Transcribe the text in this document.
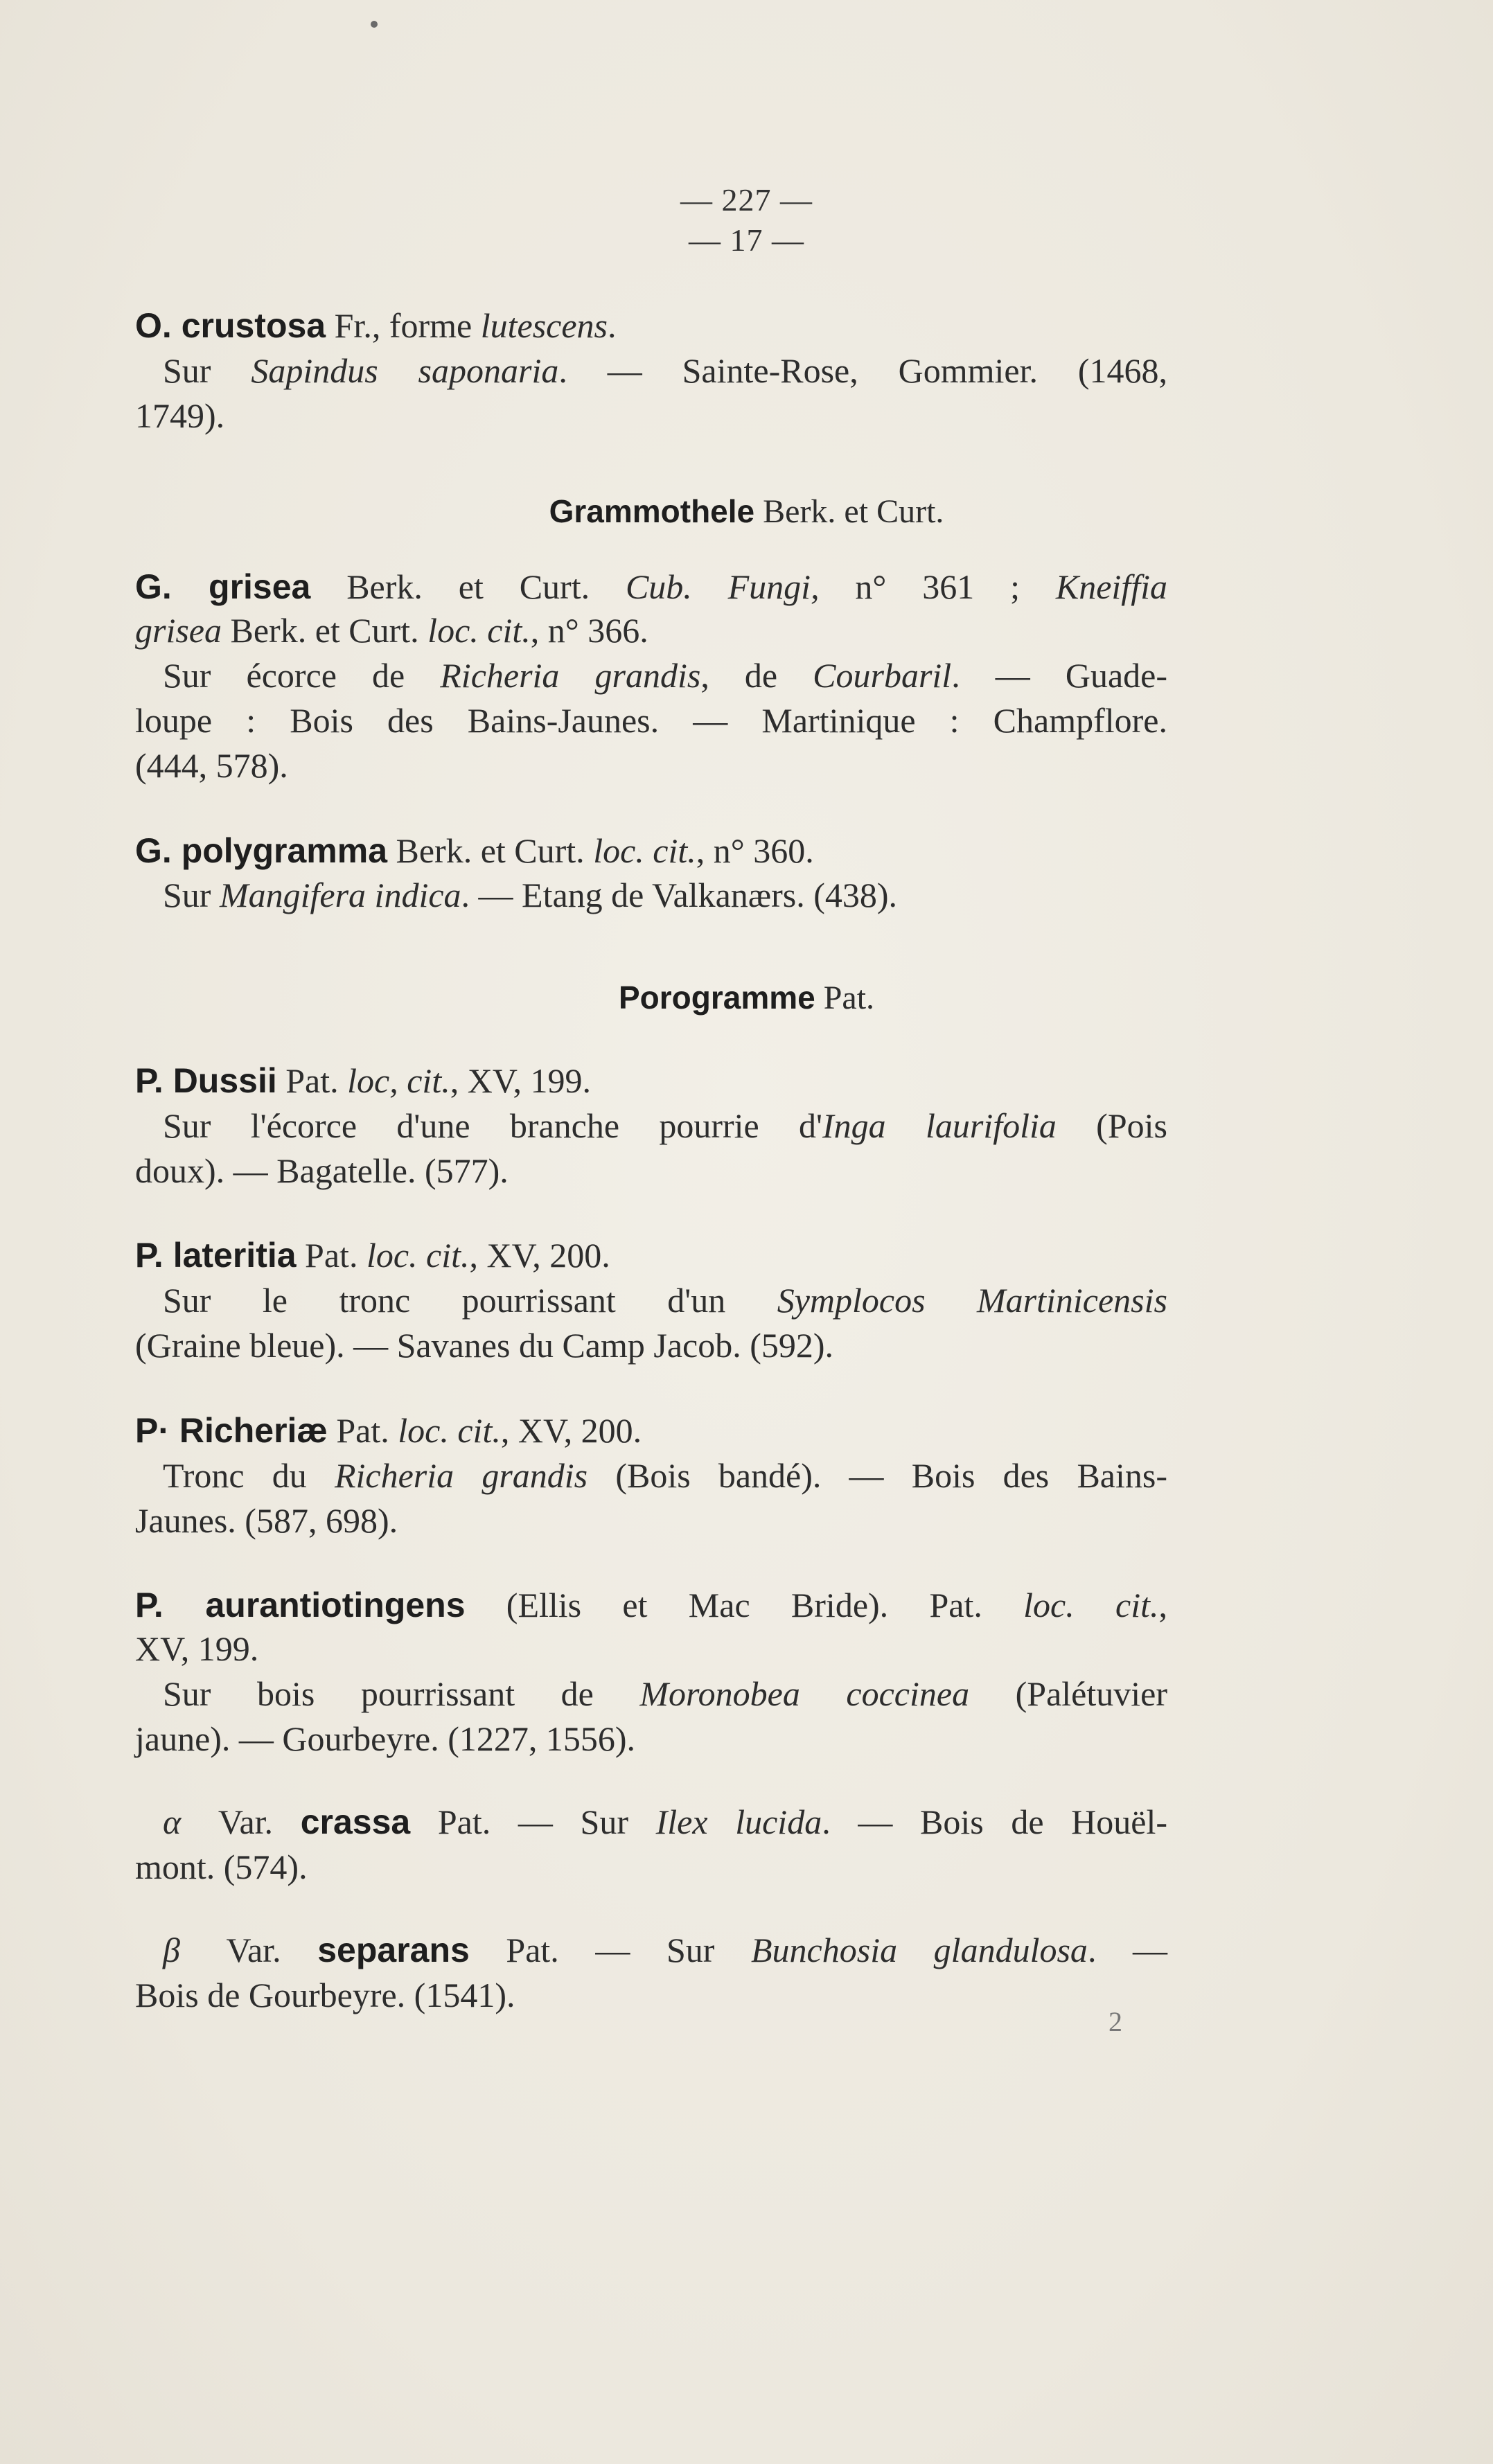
— 227 —
— 17 —
O. crustosa Fr., forme lutescens.
Sur Sapindus saponaria. — Sainte-Rose, Gommier. (1468,
1749).
Grammothele Berk. et Curt.
G. grisea Berk. et Curt. Cub. Fungi, n° 361 ; Kneiffia
grisea Berk. et Curt. loc. cit., n° 366.
Sur écorce de Richeria grandis, de Courbaril. — Guade-
loupe : Bois des Bains-Jaunes. — Martinique : Champflore.
(444, 578).
G. polygramma Berk. et Curt. loc. cit., n° 360.
Sur Mangifera indica. — Etang de Valkanærs. (438).
Porogramme Pat.
P. Dussii Pat. loc, cit., XV, 199.
Sur l'écorce d'une branche pourrie d'Inga laurifolia (Pois
doux). — Bagatelle. (577).
P. lateritia Pat. loc. cit., XV, 200.
Sur le tronc pourrissant d'un Symplocos Martinicensis
(Graine bleue). — Savanes du Camp Jacob. (592).
P· Richeriæ Pat. loc. cit., XV, 200.
Tronc du Richeria grandis (Bois bandé). — Bois des Bains-
Jaunes. (587, 698).
P. aurantiotingens (Ellis et Mac Bride). Pat. loc. cit.,
XV, 199.
Sur bois pourrissant de Moronobea coccinea (Palétuvier
jaune). — Gourbeyre. (1227, 1556).
α Var. crassa Pat. — Sur Ilex lucida. — Bois de Houël-
mont. (574).
β Var. separans Pat. — Sur Bunchosia glandulosa. —
Bois de Gourbeyre. (1541).
2
